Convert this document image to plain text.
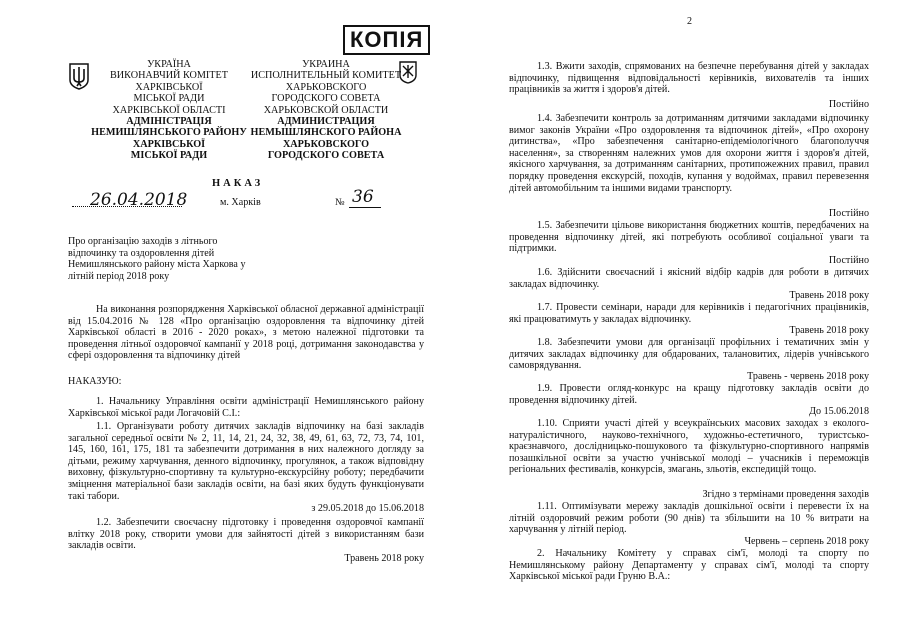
УКРАЇНА
ВИКОНАВЧИЙ КОМІТЕТ
ХАРКІВСЬКОЇ
МІСЬКОЇ РАДИ
ХАРКІВСЬКОЇ ОБЛАСТІ
АДМІНІСТРАЦІЯ
НЕМИШЛЯНСЬКОГО РАЙОНУ
ХАРКІВСЬКОЇ
МІСЬКОЇ РАДИ
УКРАИНА
ИСПОЛНИТЕЛЬНЫЙ КОМИТЕТ
ХАРЬКОВСКОГО
ГОРОДСКОГО СОВЕТА
ХАРЬКОВСКОЙ ОБЛАСТИ
АДМИНИСТРАЦИЯ
НЕМЫШЛЯНСКОГО РАЙОНА
ХАРЬКОВСКОГО
ГОРОДСКОГО СОВЕТА
КОПІЯ
НАКАЗ
26.04.2018	м. Харків	№ 36
Про організацію заходів з літнього відпочинку та оздоровлення дітей Немишлянського району міста Харкова у літній період 2018 року
На виконання розпорядження Харківської обласної державної адміністрації від 15.04.2016 № 128 «Про організацію оздоровлення та відпочинку дітей Харківської області в 2016 - 2020 роках», з метою належної підготовки та проведення літньої оздоровчої кампанії у 2018 році, дотримання законодавства у сфері оздоровлення та відпочинку дітей
НАКАЗУЮ:
1. Начальнику Управління освіти адміністрації Немишлянського району Харківської міської ради Логачовій С.І.:
1.1. Організувати роботу дитячих закладів відпочинку на базі закладів загальної середньої освіти № 2, 11, 14, 21, 24, 32, 38, 49, 61, 63, 72, 73, 74, 101, 145, 160, 161, 175, 181 та забезпечити дотримання в них належного догляду за дітьми, режиму харчування, денного відпочинку, прогулянок, а також відповідну виховну, фізкультурно-спортивну та культурно-екскурсійну роботу; передбачити зміцнення матеріальної бази закладів освіти, на базі яких будуть функціонувати такі табори.
з 29.05.2018 до 15.06.2018
1.2. Забезпечити своєчасну підготовку і проведення оздоровчої кампанії влітку 2018 року, створити умови для зайнятості дітей з використанням бази закладів освіти.
Травень 2018 року
2
1.3. Вжити заходів, спрямованих на безпечне перебування дітей у закладах відпочинку, підвищення відповідальності керівників, вихователів та інших працівників за життя і здоров'я дітей.
Постійно
1.4. Забезпечити контроль за дотриманням дитячими закладами відпочинку вимог законів України «Про оздоровлення та відпочинок дітей», «Про охорону дитинства», «Про забезпечення санітарно-епідеміологічного благополуччя населення», за створенням належних умов для охорони життя і здоров'я дітей, якісного харчування, за дотриманням санітарних, протипожежних правил, правил порядку проведення екскурсій, походів, купання у водоймах, правил перевезення дітей автомобільним та іншими видами транспорту.
Постійно
1.5. Забезпечити цільове використання бюджетних коштів, передбачених на проведення відпочинку дітей, які потребують особливої соціальної уваги та підтримки.
Постійно
1.6. Здійснити своєчасний і якісний відбір кадрів для роботи в дитячих закладах відпочинку.
Травень 2018 року
1.7. Провести семінари, наради для керівників і педагогічних працівників, які працюватимуть у закладах відпочинку.
Травень 2018 року
1.8. Забезпечити умови для організації профільних і тематичних змін у дитячих закладах відпочинку для обдарованих, талановитих, лідерів учнівського самоврядування.
Травень - червень 2018 року
1.9. Провести огляд-конкурс на кращу підготовку закладів освіти до проведення відпочинку дітей.
До 15.06.2018
1.10. Сприяти участі дітей у всеукраїнських масових заходах з еколого-натуралістичного, науково-технічного, художньо-естетичного, туристсько-краєзнавчого, дослідницько-пошукового та фізкультурно-спортивного напрямів позашкільної освіти за участю учнівської молоді – учасників і переможців регіональних фестивалів, конкурсів, змагань, зльотів, експедицій тощо.
Згідно з термінами проведення заходів
1.11. Оптимізувати мережу закладів дошкільної освіти і перевести їх на літній оздоровчий режим роботи (90 днів) та збільшити на 10 % витрати на харчування у літній період.
Червень – серпень 2018 року
2. Начальнику Комітету у справах сім'ї, молоді та спорту по Немишлянському району Департаменту у справах сім'ї, молоді та спорту Харківської міської ради Груню В.А.:
